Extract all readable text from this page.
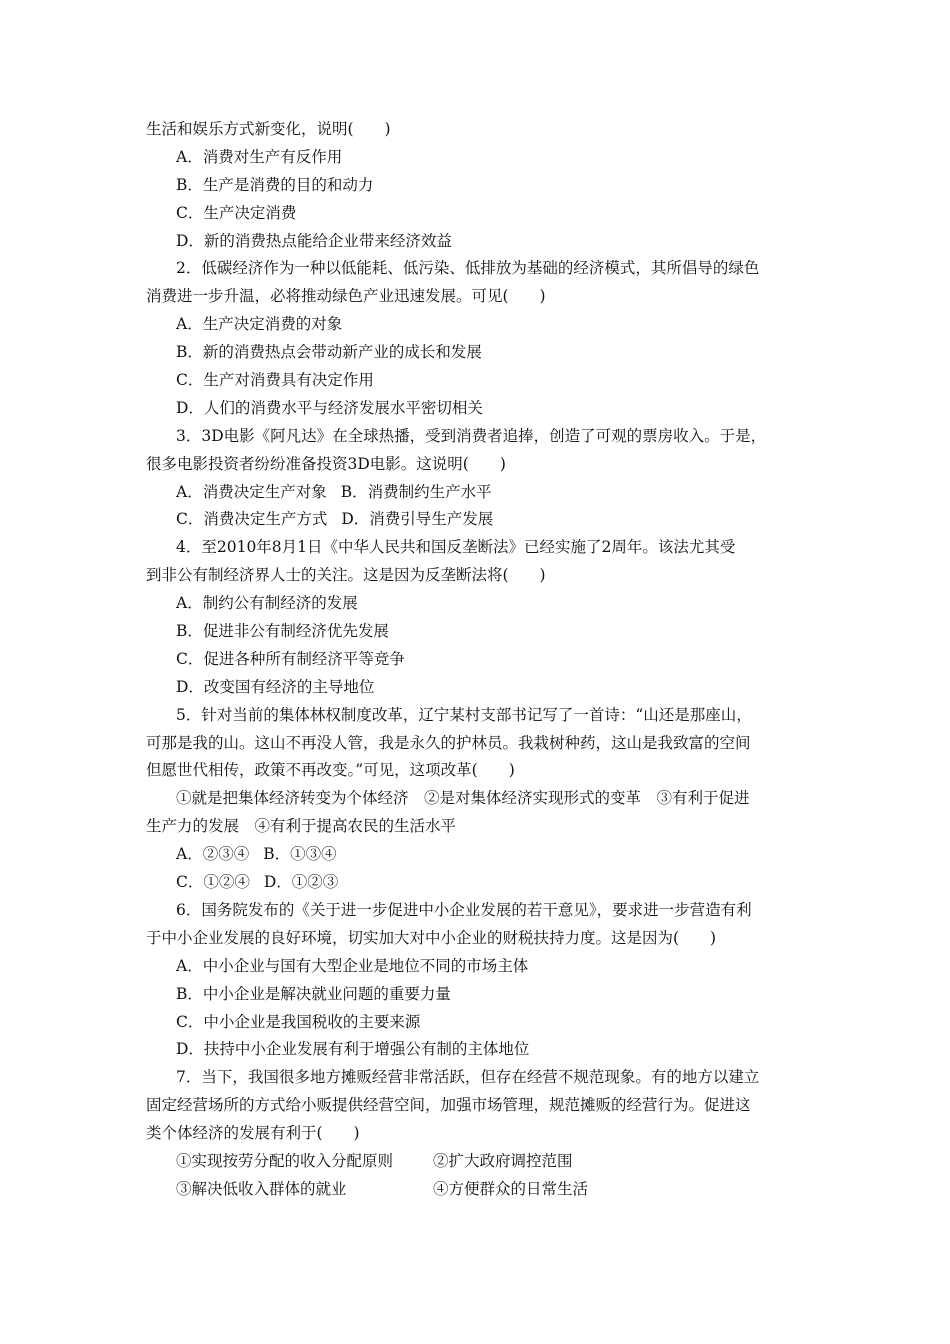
生活和娱乐方式新变化，说明(　　)
A．消费对生产有反作用
B．生产是消费的目的和动力
C．生产决定消费
D．新的消费热点能给企业带来经济效益
2．低碳经济作为一种以低能耗、低污染、低排放为基础的经济模式，其所倡导的绿色
消费进一步升温，必将推动绿色产业迅速发展。可见(　　)
A．生产决定消费的对象
B．新的消费热点会带动新产业的成长和发展
C．生产对消费具有决定作用
D．人们的消费水平与经济发展水平密切相关
3．3D电影《阿凡达》在全球热播，受到消费者追捧，创造了可观的票房收入。于是，
很多电影投资者纷纷准备投资3D电影。这说明(　　)
A．消费决定生产对象 B．消费制约生产水平
C．消费决定生产方式 D．消费引导生产发展
4．至2010年8月1日《中华人民共和国反垄断法》已经实施了2周年。该法尤其受
到非公有制经济界人士的关注。这是因为反垄断法将(　　)
A．制约公有制经济的发展
B．促进非公有制经济优先发展
C．促进各种所有制经济平等竞争
D．改变国有经济的主导地位
5．针对当前的集体林权制度改革，辽宁某村支部书记写了一首诗：“山还是那座山，
可那是我的山。这山不再没人管，我是永久的护林员。我栽树种药，这山是我致富的空间
但愿世代相传，政策不再改变。”可见，这项改革(　　)
①就是把集体经济转变为个体经济　②是对集体经济实现形式的变革　③有利于促进
生产力的发展　④有利于提高农民的生活水平
A．②③④ B．①③④
C．①②④ D．①②③
6．国务院发布的《关于进一步促进中小企业发展的若干意见》，要求进一步营造有利
于中小企业发展的良好环境，切实加大对中小企业的财税扶持力度。这是因为(　　)
A．中小企业与国有大型企业是地位不同的市场主体
B．中小企业是解决就业问题的重要力量
C．中小企业是我国税收的主要来源
D．扶持中小企业发展有利于增强公有制的主体地位
7．当下，我国很多地方摊贩经营非常活跃，但存在经营不规范现象。有的地方以建立
固定经营场所的方式给小贩提供经营空间，加强市场管理，规范摊贩的经营行为。促进这
类个体经济的发展有利于(　　)
①实现按劳分配的收入分配原则	②扩大政府调控范围
③解决低收入群体的就业	④方便群众的日常生活
